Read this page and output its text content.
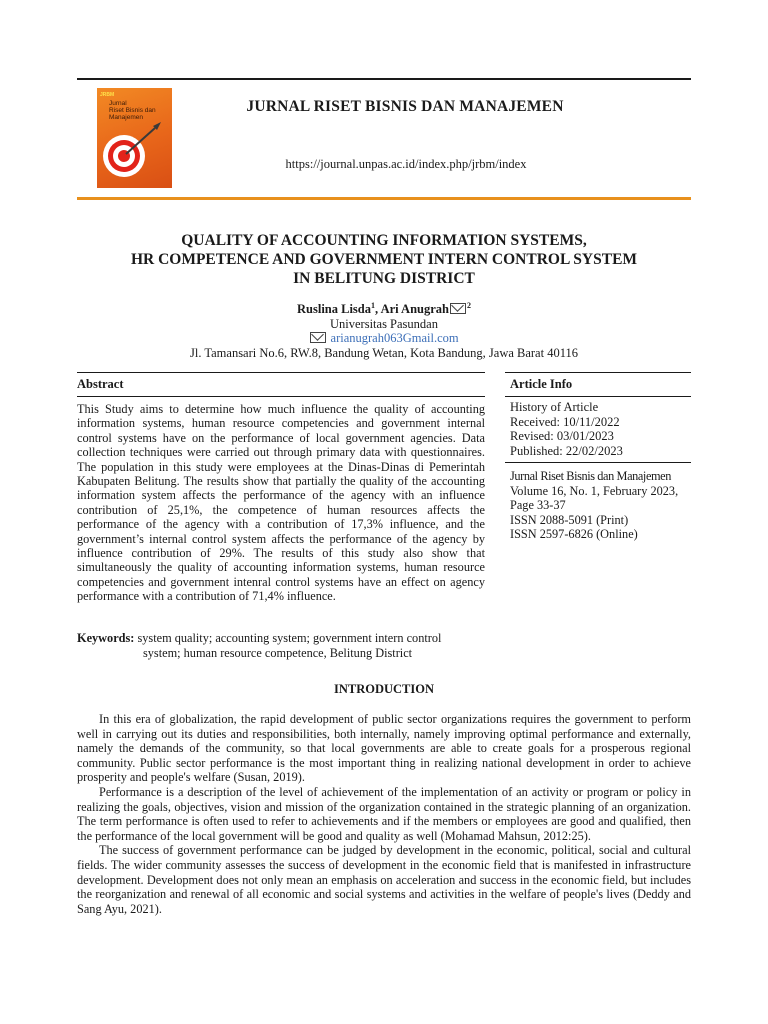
JRBM
Jurnal
Riset Bisnis dan
Manajemen
JURNAL RISET BISNIS DAN MANAJEMEN
https://journal.unpas.ac.id/index.php/jrbm/index
QUALITY OF ACCOUNTING INFORMATION SYSTEMS,
HR COMPETENCE AND GOVERNMENT INTERN CONTROL SYSTEM
IN BELITUNG DISTRICT
Ruslina Lisda$^1$, Ari Anugrah $^2$
Universitas Pasundan
arianugrah063Gmail.com
Jl. Tamansari No.6, RW.8, Bandung Wetan, Kota Bandung, Jawa Barat 40116
Abstract
This Study aims to determine how much influence the quality of accounting information systems, human resource competencies and government internal control systems have on the performance of local government agencies. Data collection techniques were carried out through primary data with questionnaires. The population in this study were employees at the Dinas-Dinas di Pemerintah Kabupaten Belitung. The results show that partially the quality of the accounting information system affects the performance of the agency with an influence contribution of 25,1%, the competence of human resources affects the performance of the agency with a contribution of 17,3% influence, and the government’s internal control system affects the performance of the agency by influence contribution of 29%. The results of this study also show that simultaneously the quality of accounting information systems, human resource competencies and government intenral control systems have an effect on agency performance with a contribution of 71,4% influence.
Article Info
History of Article
Received: 10/11/2022
Revised: 03/01/2023
Published: 22/02/2023
Jurnal Riset Bisnis dan Manajemen
Volume 16, No. 1, February 2023,
Page 33-37
ISSN 2088-5091 (Print)
ISSN 2597-6826 (Online)
Keywords: system quality; accounting system; government intern control
system; human resource competence, Belitung District
INTRODUCTION

In this era of globalization, the rapid development of public sector organizations requires the government to perform well in carrying out its duties and responsibilities, both internally, namely improving optimal performance and externally, namely the demands of the community, so that local governments are able to create goals for a prosperous regional community. Public sector performance is the most important thing in realizing national development in order to achieve prosperity and people's welfare (Susan, 2019).

Performance is a description of the level of achievement of the implementation of an activity or program or policy in realizing the goals, objectives, vision and mission of the organization contained in the strategic planning of an organization. The term performance is often used to refer to achievements and if the members or employees are good and qualified, then the performance of the local government will be good and quality as well (Mohamad Mahsun, 2012:25).

The success of government performance can be judged by development in the economic, political, social and cultural fields. The wider community assesses the success of development in the economic field that is manifested in infrastructure development. Development does not only mean an emphasis on acceleration and success in the economic field, but includes the reorganization and renewal of all economic and social systems and activities in the welfare of people's lives (Deddy and Sang Ayu, 2021).
